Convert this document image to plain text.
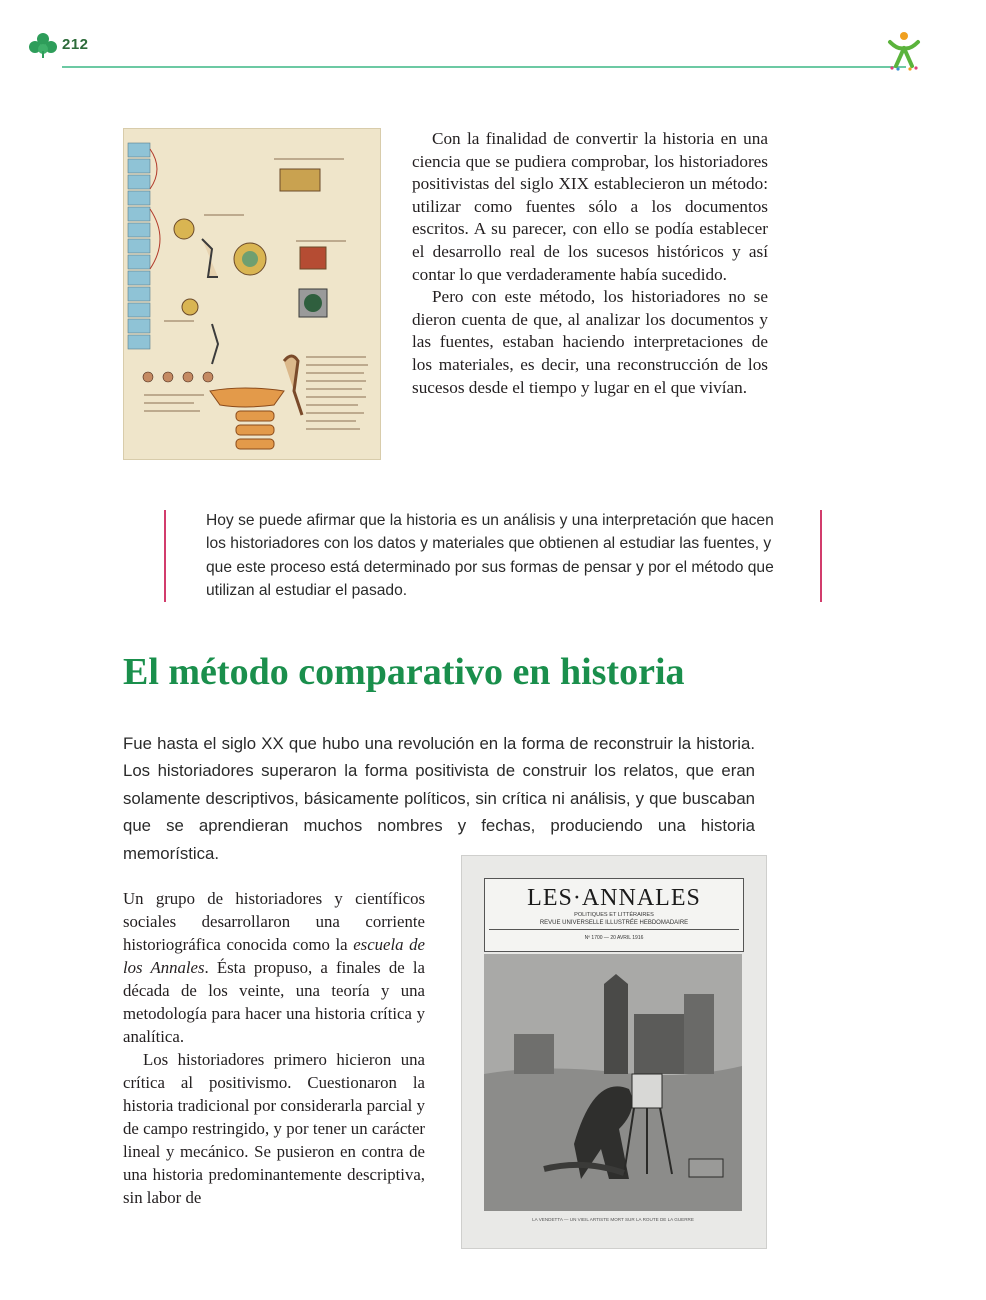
212

Con la finalidad de convertir la historia en una ciencia que se pudiera comprobar, los historiadores positivistas del siglo XIX establecieron un método: utilizar como fuentes sólo a los documentos escritos. A su parecer, con ello se podía establecer el desarrollo real de los sucesos históricos y así contar lo que verdaderamente había sucedido.

Pero con este método, los historiadores no se dieron cuenta de que, al analizar los documentos y las fuentes, estaban haciendo interpretaciones de los materiales, es decir, una reconstrucción de los sucesos desde el tiempo y lugar en el que vivían.

Hoy se puede afirmar que la historia es un análisis y una interpretación que hacen los historiadores con los datos y materiales que obtienen al estudiar las fuentes, y que este proceso está determinado por sus formas de pensar y por el método que utilizan al estudiar el pasado.

El método comparativo en historia

Fue hasta el siglo XX que hubo una revolución en la forma de reconstruir la historia. Los historiadores superaron la forma positivista de construir los relatos, que eran solamente descriptivos, básicamente políticos, sin crítica ni análisis, y que buscaban que se aprendieran muchos nombres y fechas, produciendo una historia memorística.

Un grupo de historiadores y científicos sociales desarrollaron una corriente historiográfica conocida como la escuela de los Annales. Ésta propuso, a finales de la década de los veinte, una teoría y una metodología para hacer una historia crítica y analítica.

Los historiadores primero hicieron una crítica al positivismo. Cuestionaron la historia tradicional por considerarla parcial y de campo restringido, y por tener un carácter lineal y mecánico. Se pusieron en contra de una historia predominantemente descriptiva, sin labor de

LES·ANNALES
POLITIQUES ET LITTÉRAIRES
REVUE UNIVERSELLE ILLUSTRÉE HEBDOMADAIRE
Nº 1700 — 20 AVRIL 1916
LA VENDETTA — UN VIEIL ARTISTE MORT SUR LA ROUTE DE LA GUERRE
